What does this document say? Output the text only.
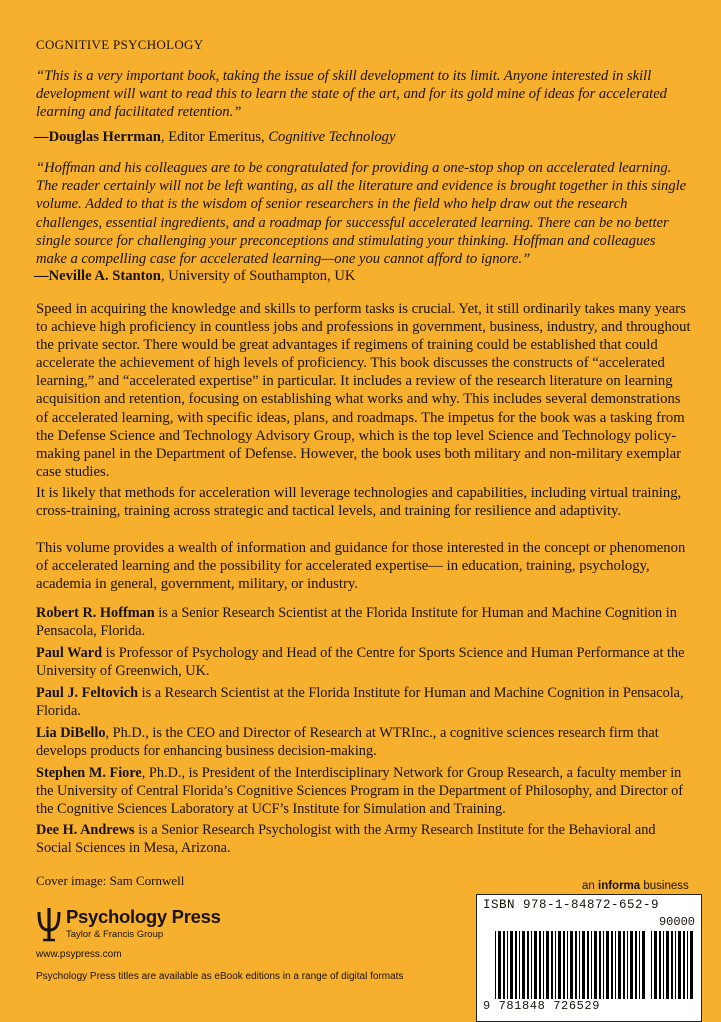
COGNITIVE PSYCHOLOGY
“This is a very important book, taking the issue of skill development to its limit. Anyone interested in skill development will want to read this to learn the state of the art, and for its gold mine of ideas for accelerated learning and facilitated retention.”
—Douglas Herrman, Editor Emeritus, Cognitive Technology
“Hoffman and his colleagues are to be congratulated for providing a one-stop shop on accelerated learning. The reader certainly will not be left wanting, as all the literature and evidence is brought together in this single volume. Added to that is the wisdom of senior researchers in the field who help draw out the research challenges, essential ingredients, and a roadmap for successful accelerated learning. There can be no better single source for challenging your preconceptions and stimulating your thinking. Hoffman and colleagues make a compelling case for accelerated learning—one you cannot afford to ignore.”
—Neville A. Stanton, University of Southampton, UK
Speed in acquiring the knowledge and skills to perform tasks is crucial. Yet, it still ordinarily takes many years to achieve high proficiency in countless jobs and professions in government, business, industry, and throughout the private sector. There would be great advantages if regimens of training could be established that could accelerate the achievement of high levels of proficiency. This book discusses the constructs of “accelerated learning,” and “accelerated expertise” in particular. It includes a review of the research literature on learning acquisition and retention, focusing on establishing what works and why. This includes several demonstrations of accelerated learning, with specific ideas, plans, and roadmaps. The impetus for the book was a tasking from the Defense Science and Technology Advisory Group, which is the top level Science and Technology policy-making panel in the Department of Defense. However, the book uses both military and non-military exemplar case studies.
It is likely that methods for acceleration will leverage technologies and capabilities, including virtual training, cross-training, training across strategic and tactical levels, and training for resilience and adaptivity.
This volume provides a wealth of information and guidance for those interested in the concept or phenomenon of accelerated learning and the possibility for accelerated expertise— in education, training, psychology, academia in general, government, military, or industry.
Robert R. Hoffman is a Senior Research Scientist at the Florida Institute for Human and Machine Cognition in Pensacola, Florida.
Paul Ward is Professor of Psychology and Head of the Centre for Sports Science and Human Performance at the University of Greenwich, UK.
Paul J. Feltovich is a Research Scientist at the Florida Institute for Human and Machine Cognition in Pensacola, Florida.
Lia DiBello, Ph.D., is the CEO and Director of Research at WTRInc., a cognitive sciences research firm that develops products for enhancing business decision-making.
Stephen M. Fiore, Ph.D., is President of the Interdisciplinary Network for Group Research, a faculty member in the University of Central Florida’s Cognitive Sciences Program in the Department of Philosophy, and Director of the Cognitive Sciences Laboratory at UCF’s Institute for Simulation and Training.
Dee H. Andrews is a Senior Research Psychologist with the Army Research Institute for the Behavioral and Social Sciences in Mesa, Arizona.
Cover image: Sam Cornwell	an informa business
Psychology Press
Taylor & Francis Group
www.psypress.com
Psychology Press titles are available as eBook editions in a range of digital formats
ISBN 978-1-84872-652-9
90000
9 781848 726529
